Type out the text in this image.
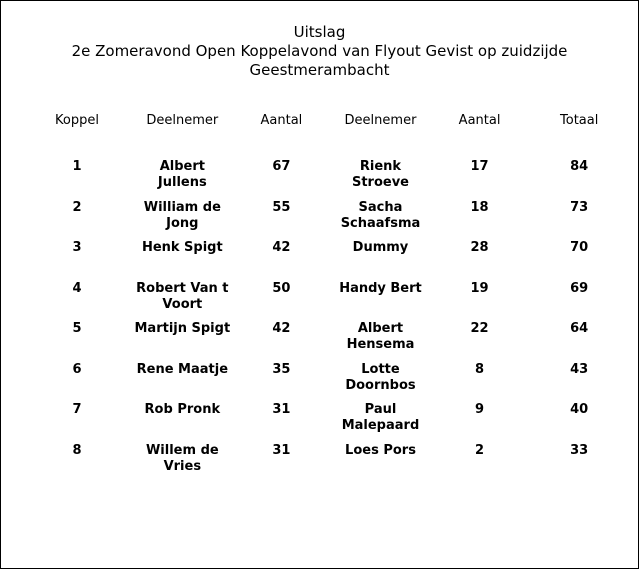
Uitslag
2e Zomeravond Open Koppelavond van Flyout Gevist op zuidzijde
Geestmerambacht
Koppel	Deelnemer	Aantal	Deelnemer	Aantal	Totaal

1	Albert Jullens	67	Rienk Stroeve	17	84
2	William de Jong	55	Sacha Schaafsma	18	73
3	Henk Spigt	42	Dummy	28	70
4	Robert Van t Voort	50	Handy Bert	19	69
5	Martijn Spigt	42	Albert Hensema	22	64
6	Rene Maatje	35	Lotte Doornbos	8	43
7	Rob Pronk	31	Paul Malepaard	9	40
8	Willem de Vries	31	Loes Pors	2	33
